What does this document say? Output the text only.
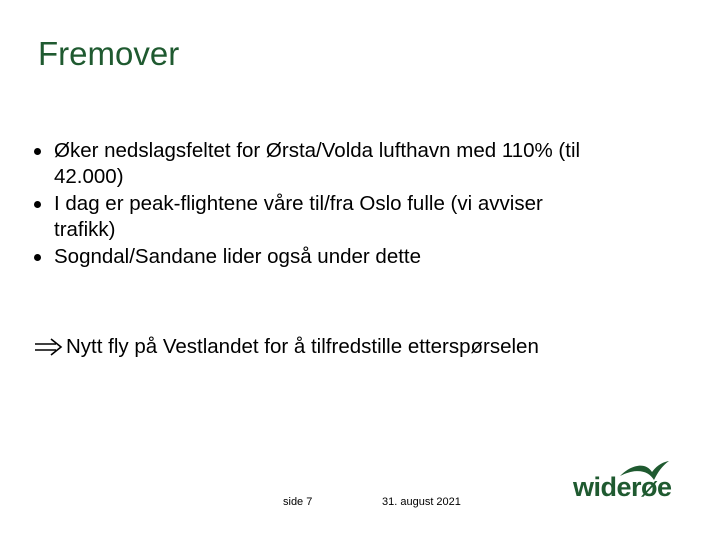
Fremover
Øker nedslagsfeltet for Ørsta/Volda lufthavn med 110% (til
42.000)
I dag er peak-flightene våre til/fra Oslo fulle (vi avviser
trafikk)
Sogndal/Sandane lider også under dette
Nytt fly på Vestlandet for å tilfredstille etterspørselen
side 7	31. august 2021	widerøe
